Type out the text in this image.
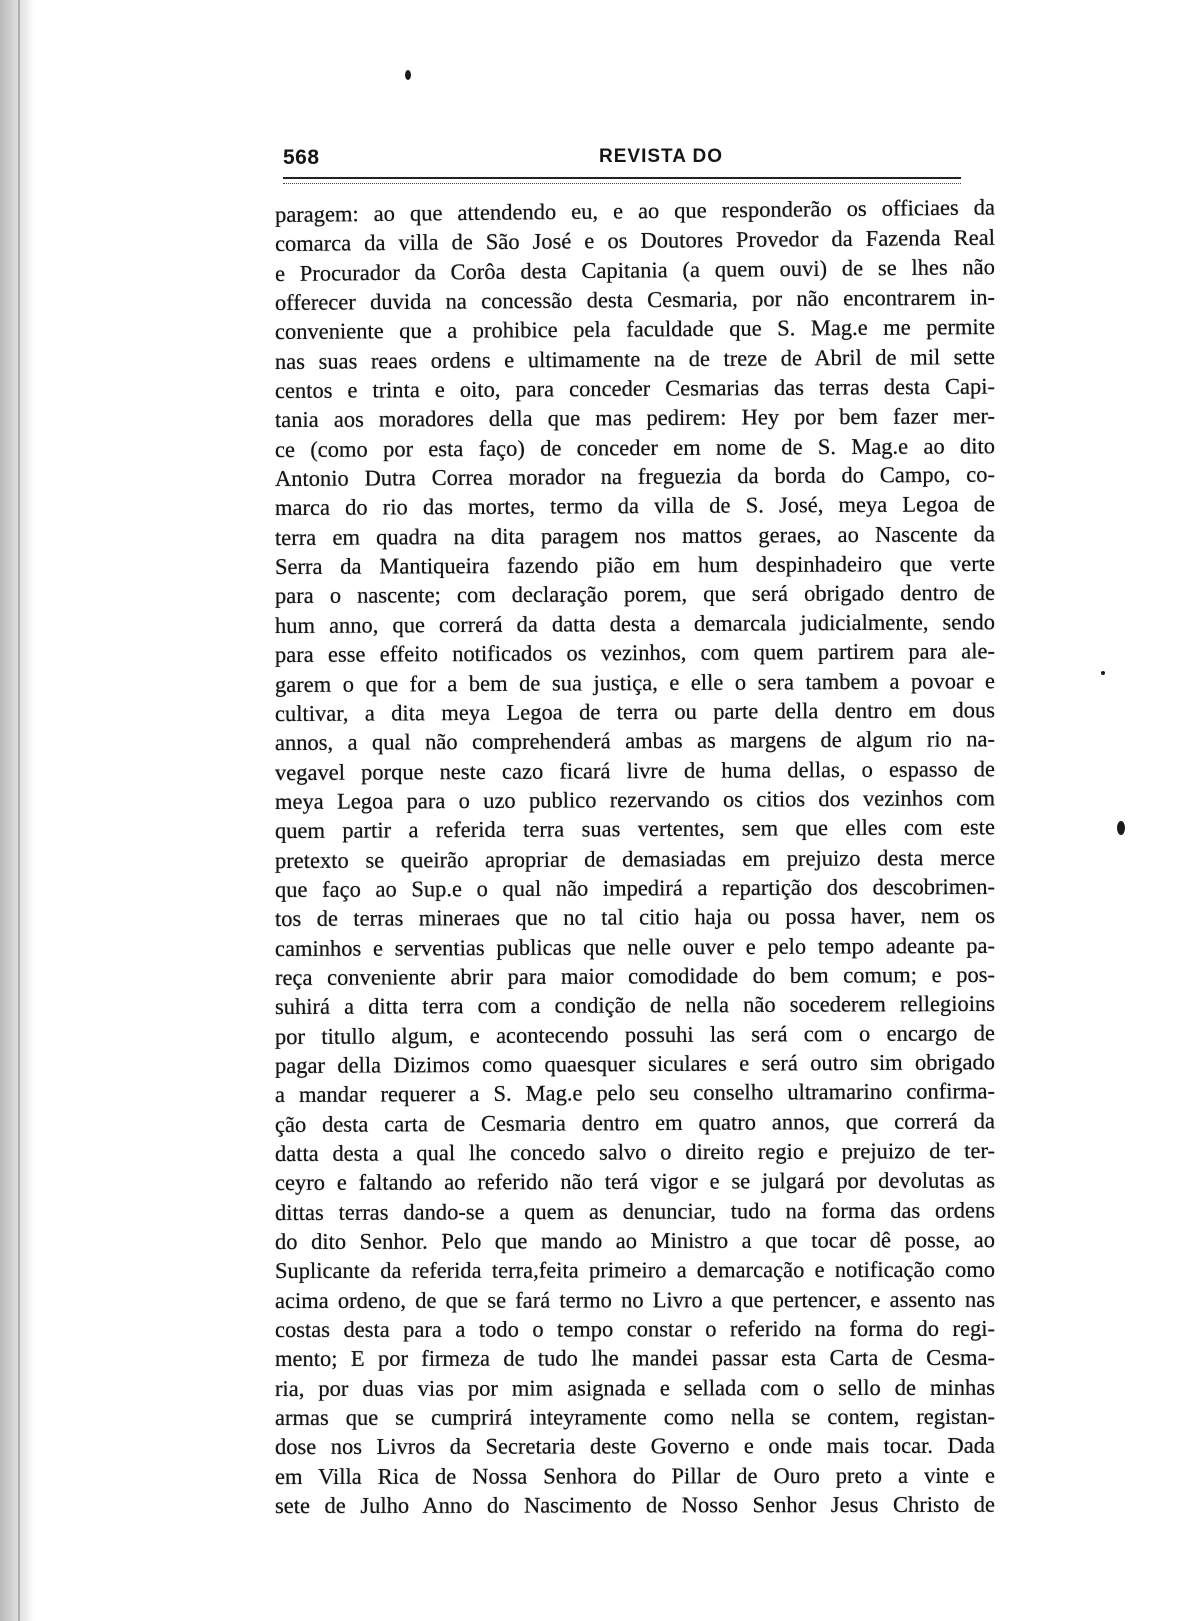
568	REVISTA DO
paragem: ao que attendendo eu, e ao que responderão os officiaes da
comarca da villa de São José e os Doutores Provedor da Fazenda Real
e Procurador da Corôa desta Capitania (a quem ouvi) de se lhes não
offerecer duvida na concessão desta Cesmaria, por não encontrarem in-
conveniente que a prohibice pela faculdade que S. Mag.e me permite
nas suas reaes ordens e ultimamente na de treze de Abril de mil sette
centos e trinta e oito, para conceder Cesmarias das terras desta Capi-
tania aos moradores della que mas pedirem: Hey por bem fazer mer-
ce (como por esta faço) de conceder em nome de S. Mag.e ao dito
Antonio Dutra Correa morador na freguezia da borda do Campo, co-
marca do rio das mortes, termo da villa de S. José, meya Legoa de
terra em quadra na dita paragem nos mattos geraes, ao Nascente da
Serra da Mantiqueira fazendo pião em hum despinhadeiro que verte
para o nascente; com declaração porem, que será obrigado dentro de
hum anno, que correrá da datta desta a demarcala judicialmente, sendo
para esse effeito notificados os vezinhos, com quem partirem para ale-
garem o que for a bem de sua justiça, e elle o sera tambem a povoar e
cultivar, a dita meya Legoa de terra ou parte della dentro em dous
annos, a qual não comprehenderá ambas as margens de algum rio na-
vegavel porque neste cazo ficará livre de huma dellas, o espasso de
meya Legoa para o uzo publico rezervando os citios dos vezinhos com
quem partir a referida terra suas vertentes, sem que elles com este
pretexto se queirão apropriar de demasiadas em prejuizo desta merce
que faço ao Sup.e o qual não impedirá a repartição dos descobrimen-
tos de terras mineraes que no tal citio haja ou possa haver, nem os
caminhos e serventias publicas que nelle ouver e pelo tempo adeante pa-
reça conveniente abrir para maior comodidade do bem comum; e pos-
suhirá a ditta terra com a condição de nella não socederem rellegioins
por titullo algum, e acontecendo possuhi las será com o encargo de
pagar della Dizimos como quaesquer siculares e será outro sim obrigado
a mandar requerer a S. Mag.e pelo seu conselho ultramarino confirma-
ção desta carta de Cesmaria dentro em quatro annos, que correrá da
datta desta a qual lhe concedo salvo o direito regio e prejuizo de ter-
ceyro e faltando ao referido não terá vigor e se julgará por devolutas as
dittas terras dando-se a quem as denunciar, tudo na forma das ordens
do dito Senhor. Pelo que mando ao Ministro a que tocar dê posse, ao
Suplicante da referida terra,feita primeiro a demarcação e notificação como
acima ordeno, de que se fará termo no Livro a que pertencer, e assento nas
costas desta para a todo o tempo constar o referido na forma do regi-
mento; E por firmeza de tudo lhe mandei passar esta Carta de Cesma-
ria, por duas vias por mim asignada e sellada com o sello de minhas
armas que se cumprirá inteyramente como nella se contem, registan-
dose nos Livros da Secretaria deste Governo e onde mais tocar. Dada
em Villa Rica de Nossa Senhora do Pillar de Ouro preto a vinte e
sete de Julho Anno do Nascimento de Nosso Senhor Jesus Christo de
